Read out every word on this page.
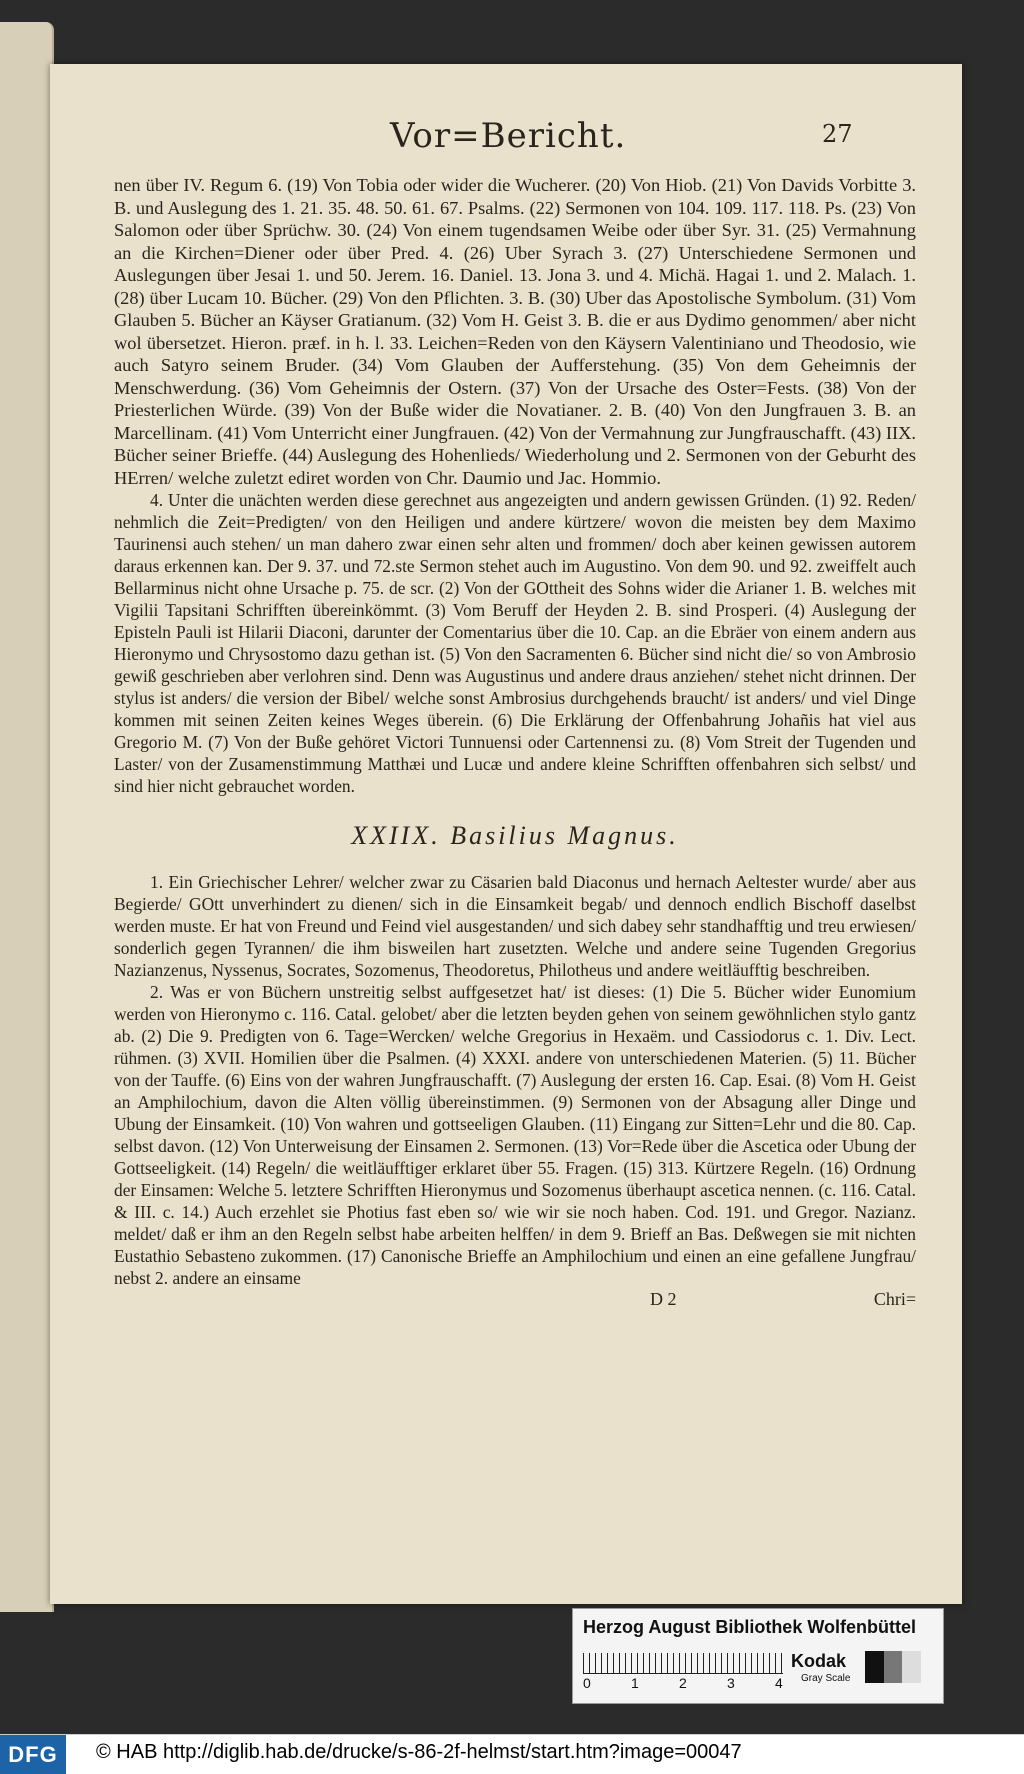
Vor=Bericht.	27

nen über IV. Regum 6. (19) Von Tobia oder wider die Wucherer. (20) Von Hiob. (21) Von Davids Vorbitte 3. B. und Auslegung des 1. 21. 35. 48. 50. 61. 67. Psalms. (22) Sermonen von 104. 109. 117. 118. Ps. (23) Von Salomon oder über Sprüchw. 30. (24) Von einem tugendsamen Weibe oder über Syr. 31. (25) Vermahnung an die Kirchen=Diener oder über Pred. 4. (26) Uber Syrach 3. (27) Unterschiedene Sermonen und Auslegungen über Jesai 1. und 50. Jerem. 16. Daniel. 13. Jona 3. und 4. Michä. Hagai 1. und 2. Malach. 1. (28) über Lucam 10. Bücher. (29) Von den Pflichten. 3. B. (30) Uber das Apostolische Symbolum. (31) Vom Glauben 5. Bücher an Käyser Gratianum. (32) Vom H. Geist 3. B. die er aus Dydimo genommen/ aber nicht wol übersetzet. Hieron. præf. in h. l. 33. Leichen=Reden von den Käysern Valentiniano und Theodosio, wie auch Satyro seinem Bruder. (34) Vom Glauben der Aufferstehung. (35) Von dem Geheimnis der Menschwerdung. (36) Vom Geheimnis der Ostern. (37) Von der Ursache des Oster=Fests. (38) Von der Priesterlichen Würde. (39) Von der Buße wider die Novatianer. 2. B. (40) Von den Jungfrauen 3. B. an Marcellinam. (41) Vom Unterricht einer Jungfrauen. (42) Von der Vermahnung zur Jungfrauschafft. (43) IIX. Bücher seiner Brieffe. (44) Auslegung des Hohenlieds/ Wiederholung und 2. Sermonen von der Geburht des HErren/ welche zuletzt ediret worden von Chr. Daumio und Jac. Hommio.

4. Unter die unächten werden diese gerechnet aus angezeigten und andern gewissen Gründen. (1) 92. Reden/ nehmlich die Zeit=Predigten/ von den Heiligen und andere kürtzere/ wovon die meisten bey dem Maximo Taurinensi auch stehen/ un man dahero zwar einen sehr alten und frommen/ doch aber keinen gewissen autorem daraus erkennen kan. Der 9. 37. und 72.ste Sermon stehet auch im Augustino. Von dem 90. und 92. zweiffelt auch Bellarminus nicht ohne Ursache p. 75. de scr. (2) Von der GOttheit des Sohns wider die Arianer 1. B. welches mit Vigilii Tapsitani Schrifften übereinkömmt. (3) Vom Beruff der Heyden 2. B. sind Prosperi. (4) Auslegung der Episteln Pauli ist Hilarii Diaconi, darunter der Comentarius über die 10. Cap. an die Ebräer von einem andern aus Hieronymo und Chrysostomo dazu gethan ist. (5) Von den Sacramenten 6. Bücher sind nicht die/ so von Ambrosio gewiß geschrieben aber verlohren sind. Denn was Augustinus und andere draus anziehen/ stehet nicht drinnen. Der stylus ist anders/ die version der Bibel/ welche sonst Ambrosius durchgehends braucht/ ist anders/ und viel Dinge kommen mit seinen Zeiten keines Weges überein. (6) Die Erklärung der Offenbahrung Johañis hat viel aus Gregorio M. (7) Von der Buße gehöret Victori Tunnuensi oder Cartennensi zu. (8) Vom Streit der Tugenden und Laster/ von der Zusamenstimmung Matthæi und Lucæ und andere kleine Schrifften offenbahren sich selbst/ und sind hier nicht gebrauchet worden.

XXIIX. Basilius Magnus.

1. Ein Griechischer Lehrer/ welcher zwar zu Cäsarien bald Diaconus und hernach Aeltester wurde/ aber aus Begierde/ GOtt unverhindert zu dienen/ sich in die Einsamkeit begab/ und dennoch endlich Bischoff daselbst werden muste. Er hat von Freund und Feind viel ausgestanden/ und sich dabey sehr standhafftig und treu erwiesen/ sonderlich gegen Tyrannen/ die ihm bisweilen hart zusetzten. Welche und andere seine Tugenden Gregorius Nazianzenus, Nyssenus, Socrates, Sozomenus, Theodoretus, Philotheus und andere weitläufftig beschreiben.

2. Was er von Büchern unstreitig selbst auffgesetzet hat/ ist dieses: (1) Die 5. Bücher wider Eunomium werden von Hieronymo c. 116. Catal. gelobet/ aber die letzten beyden gehen von seinem gewöhnlichen stylo gantz ab. (2) Die 9. Predigten von 6. Tage=Wercken/ welche Gregorius in Hexaëm. und Cassiodorus c. 1. Div. Lect. rühmen. (3) XVII. Homilien über die Psalmen. (4) XXXI. andere von unterschiedenen Materien. (5) 11. Bücher von der Tauffe. (6) Eins von der wahren Jungfrauschafft. (7) Auslegung der ersten 16. Cap. Esai. (8) Vom H. Geist an Amphilochium, davon die Alten völlig übereinstimmen. (9) Sermonen von der Absagung aller Dinge und Ubung der Einsamkeit. (10) Von wahren und gottseeligen Glauben. (11) Eingang zur Sitten=Lehr und die 80. Cap. selbst davon. (12) Von Unterweisung der Einsamen 2. Sermonen. (13) Vor=Rede über die Ascetica oder Ubung der Gottseeligkeit. (14) Regeln/ die weitläufftiger erklaret über 55. Fragen. (15) 313. Kürtzere Regeln. (16) Ordnung der Einsamen: Welche 5. letztere Schrifften Hieronymus und Sozomenus überhaupt ascetica nennen. (c. 116. Catal. & III. c. 14.) Auch erzehlet sie Photius fast eben so/ wie wir sie noch haben. Cod. 191. und Gregor. Nazianz. meldet/ daß er ihm an den Regeln selbst habe arbeiten helffen/ in dem 9. Brieff an Bas. Deßwegen sie mit nichten Eustathio Sebasteno zukommen. (17) Canonische Brieffe an Amphilochium und einen an eine gefallene Jungfrau/ nebst 2. andere an einsame

D 2	Chri=
Herzog August Bibliothek Wolfenbüttel
0	1	2	3	4
Kodak
Gray Scale
DFG	© HAB http://diglib.hab.de/drucke/s-86-2f-helmst/start.htm?image=00047
